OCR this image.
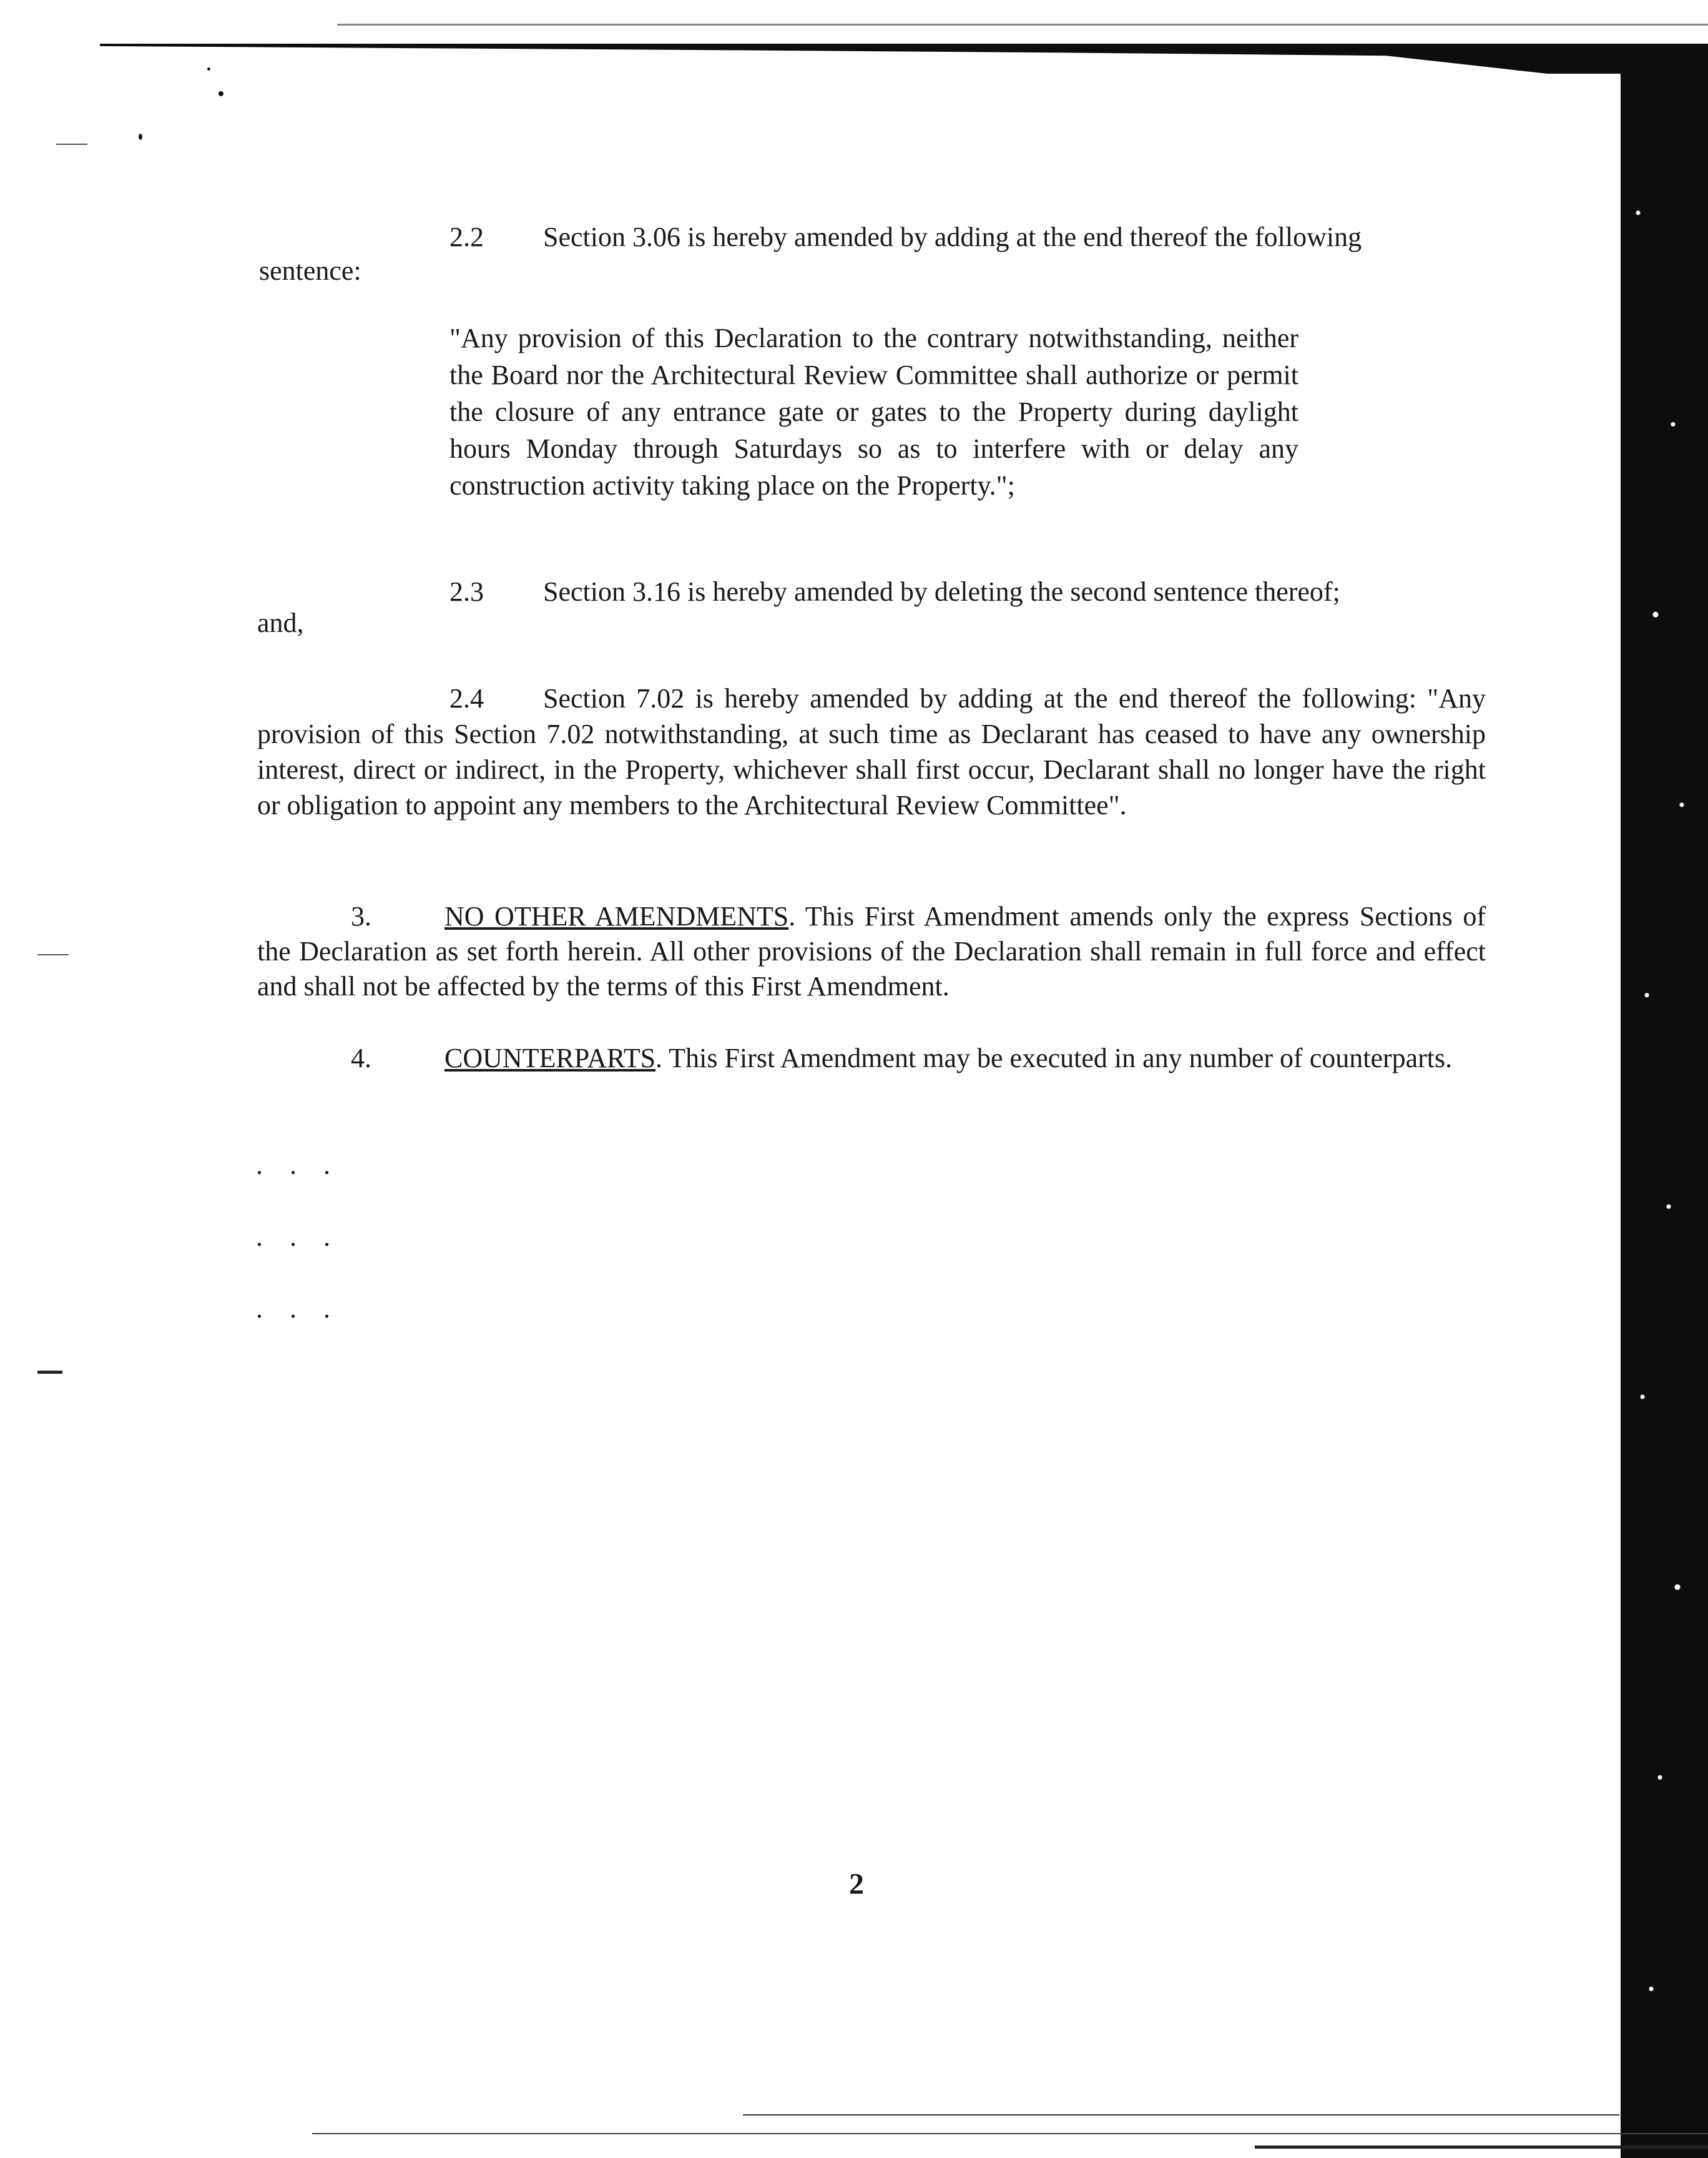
2.2 Section 3.06 is hereby amended by adding at the end thereof the following
sentence:
"Any provision of this Declaration to the contrary notwithstanding, neither the Board nor the Architectural Review Committee shall authorize or permit the closure of any entrance gate or gates to the Property during daylight hours Monday through Saturdays so as to interfere with or delay any construction activity taking place on the Property.";
2.3 Section 3.16 is hereby amended by deleting the second sentence thereof;
and,
2.4 Section 7.02 is hereby amended by adding at the end thereof the following: "Any provision of this Section 7.02 notwithstanding, at such time as Declarant has ceased to have any ownership interest, direct or indirect, in the Property, whichever shall first occur, Declarant shall no longer have the right or obligation to appoint any members to the Architectural Review Committee".
3.	NO OTHER AMENDMENTS. This First Amendment amends only the express Sections of the Declaration as set forth herein. All other provisions of the Declaration shall remain in full force and effect and shall not be affected by the terms of this First Amendment.
4.	COUNTERPARTS. This First Amendment may be executed in any number of counterparts.
. . .
. . .
. . .
2
